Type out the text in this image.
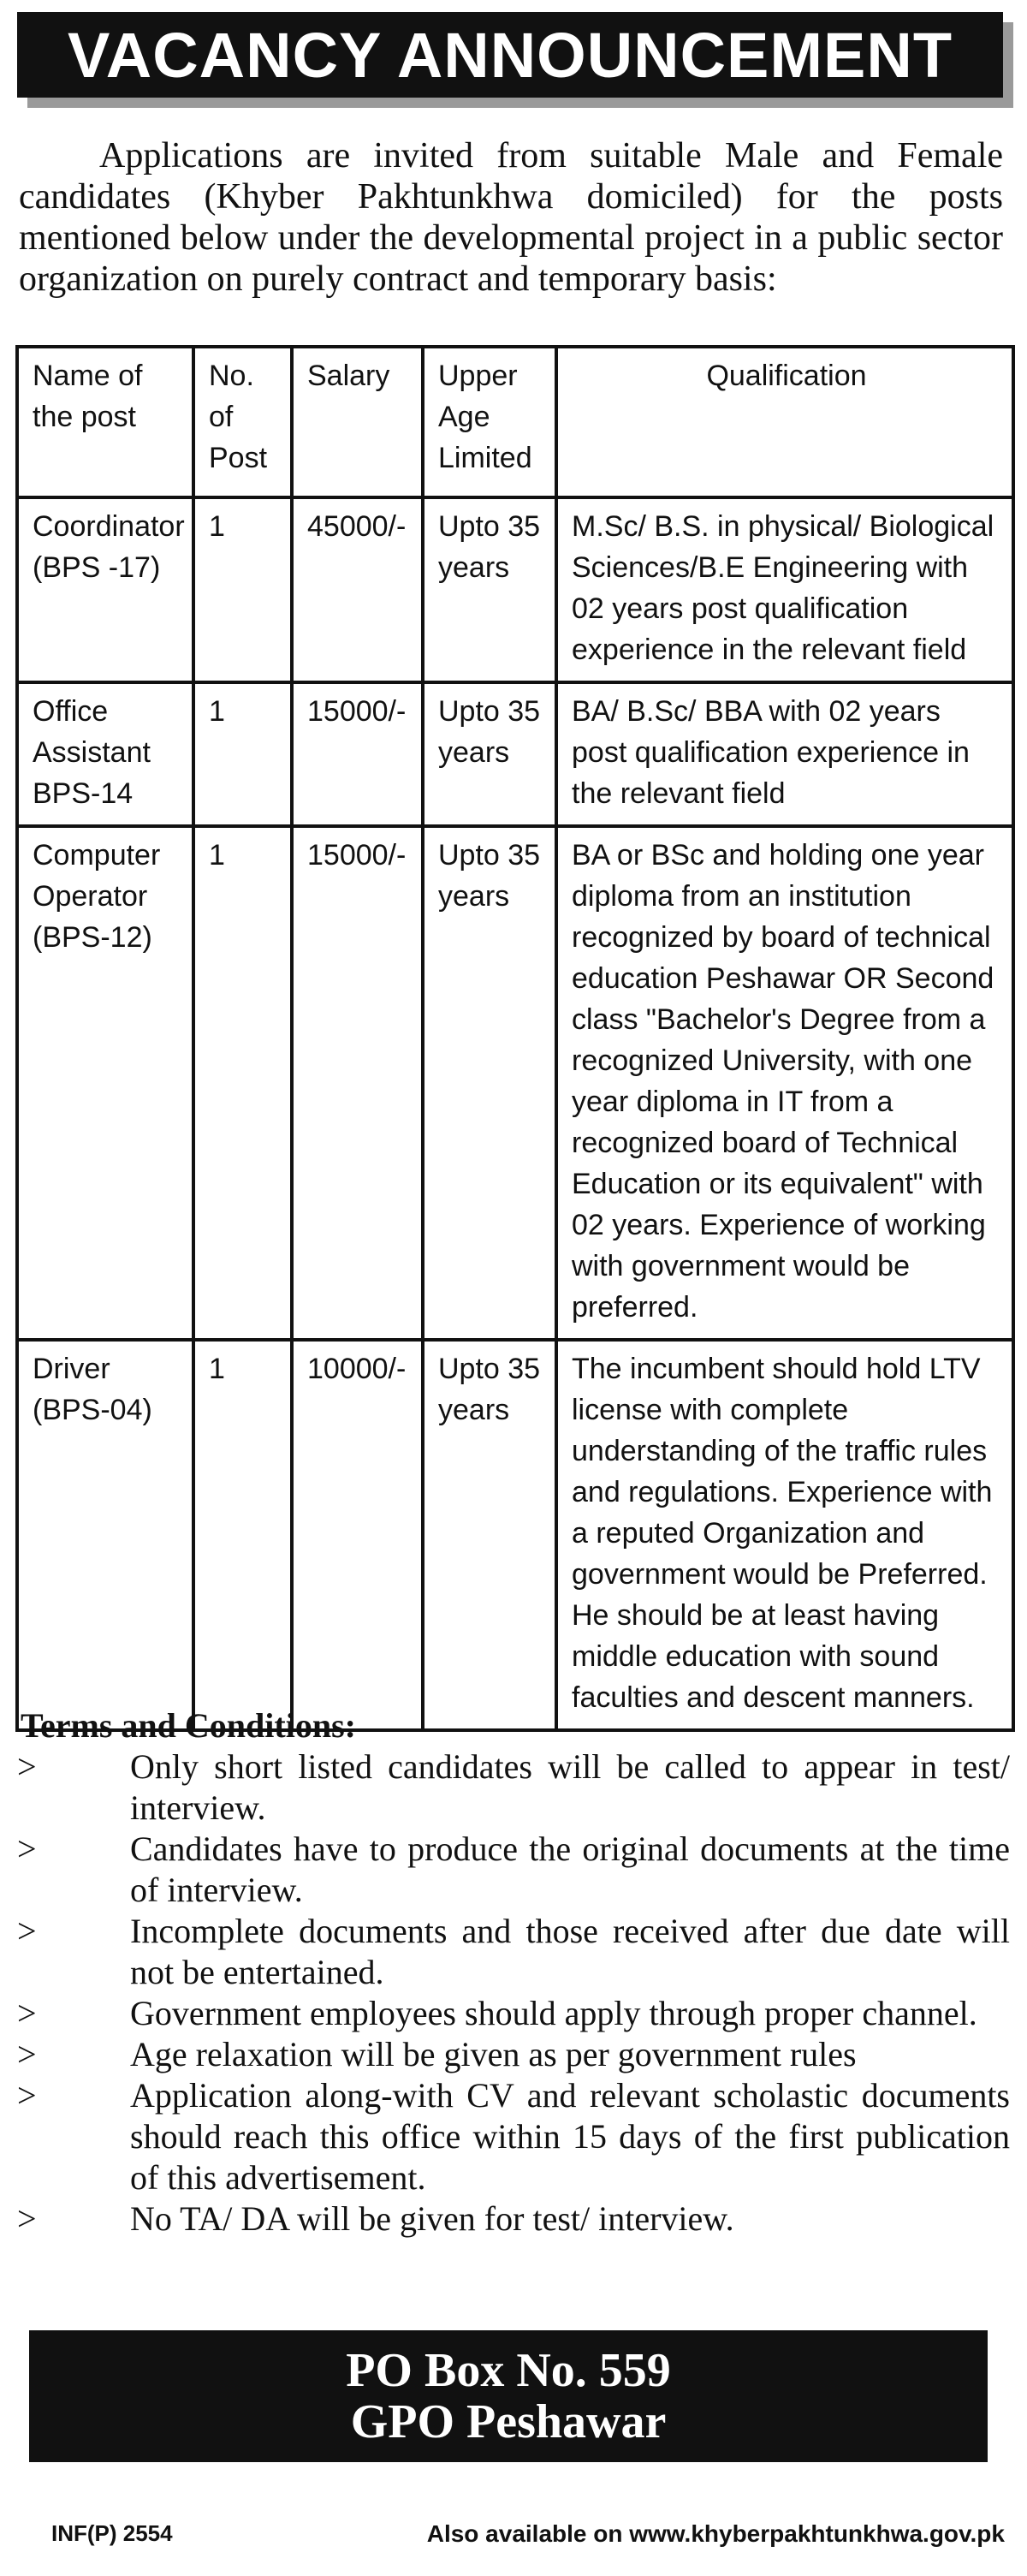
VACANCY ANNOUNCEMENT

Applications are invited from suitable Male and Female candidates (Khyber Pakhtunkhwa domiciled) for the posts mentioned below under the developmental project in a public sector organization on purely contract and temporary basis:

Name of the post	No. of Post	Salary	Upper Age Limited	Qualification
Coordinator (BPS -17)	1	45000/-	Upto 35 years	M.Sc/ B.S. in physical/ Biological Sciences/B.E Engineering with 02 years post qualification experience in the relevant field
Office Assistant BPS-14	1	15000/-	Upto 35 years	BA/ B.Sc/ BBA with 02 years post qualification experience in the relevant field
Computer Operator (BPS-12)	1	15000/-	Upto 35 years	BA or BSc and holding one year diploma from an institution recognized by board of technical education Peshawar OR Second class "Bachelor's Degree from a recognized University, with one year diploma in IT from a recognized board of Technical Education or its equivalent" with 02 years. Experience of working with government would be preferred.
Driver (BPS-04)	1	10000/-	Upto 35 years	The incumbent should hold LTV license with complete understanding of the traffic rules and regulations. Experience with a reputed Organization and government would be Preferred. He should be at least having middle education with sound faculties and descent manners.
Terms and Conditions:
>	Only short listed candidates will be called to appear in test/ interview.
>	Candidates have to produce the original documents at the time of interview.
>	Incomplete documents and those received after due date will not be entertained.
>	Government employees should apply through proper channel.
>	Age relaxation will be given as per government rules
>	Application along-with CV and relevant scholastic documents should reach this office within 15 days of the first publication of this advertisement.
>	No TA/ DA will be given for test/ interview.
PO Box No. 559
GPO Peshawar
INF(P) 2554	Also available on www.khyberpakhtunkhwa.gov.pk
